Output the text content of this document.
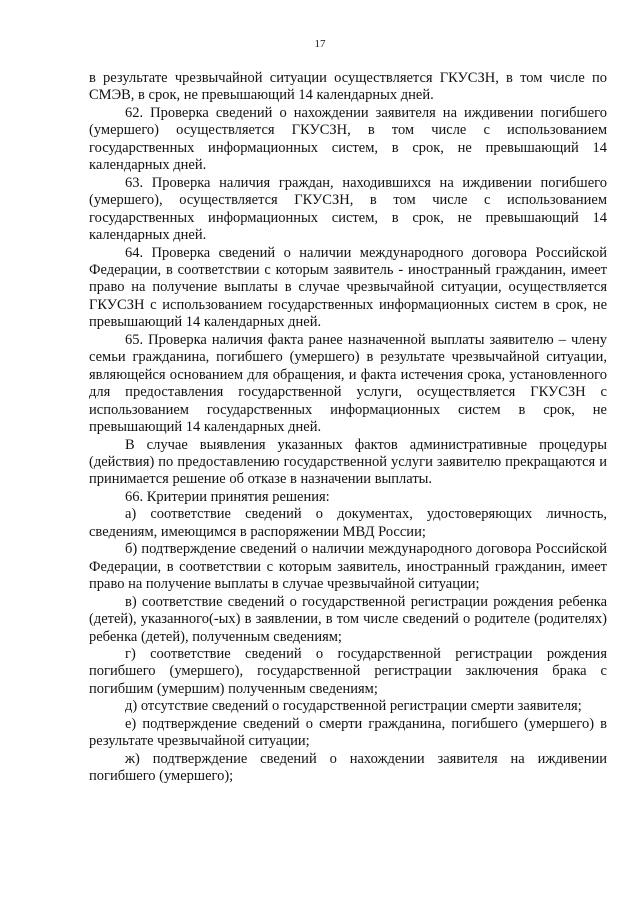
17

в результате чрезвычайной ситуации осуществляется ГКУСЗН, в том числе по СМЭВ, в срок, не превышающий 14 календарных дней.

62. Проверка сведений о нахождении заявителя на иждивении погибшего (умершего) осуществляется ГКУСЗН, в том числе с использованием государственных информационных систем, в срок, не превышающий 14 календарных дней.

63. Проверка наличия граждан, находившихся на иждивении погибшего (умершего), осуществляется ГКУСЗН, в том числе с использованием государственных информационных систем, в срок, не превышающий 14 календарных дней.

64. Проверка сведений о наличии международного договора Российской Федерации, в соответствии с которым заявитель - иностранный гражданин, имеет право на получение выплаты в случае чрезвычайной ситуации, осуществляется ГКУСЗН с использованием государственных информационных систем в срок, не превышающий 14 календарных дней.

65. Проверка наличия факта ранее назначенной выплаты заявителю – члену семьи гражданина, погибшего (умершего) в результате чрезвычайной ситуации, являющейся основанием для обращения, и факта истечения срока, установленного для предоставления государственной услуги, осуществляется ГКУСЗН с использованием государственных информационных систем в срок, не превышающий 14 календарных дней.

В случае выявления указанных фактов административные процедуры (действия) по предоставлению государственной услуги заявителю прекращаются и принимается решение об отказе в назначении выплаты.

66. Критерии принятия решения:

а) соответствие сведений о документах, удостоверяющих личность, сведениям, имеющимся в распоряжении МВД России;

б) подтверждение сведений о наличии международного договора Российской Федерации, в соответствии с которым заявитель, иностранный гражданин, имеет право на получение выплаты в случае чрезвычайной ситуации;

в) соответствие сведений о государственной регистрации рождения ребенка (детей), указанного(-ых) в заявлении, в том числе сведений о родителе (родителях) ребенка (детей), полученным сведениям;

г) соответствие сведений о государственной регистрации рождения погибшего (умершего), государственной регистрации заключения брака с погибшим (умершим) полученным сведениям;

д) отсутствие сведений о государственной регистрации смерти заявителя;

е) подтверждение сведений о смерти гражданина, погибшего (умершего) в результате чрезвычайной ситуации;

ж) подтверждение сведений о нахождении заявителя на иждивении погибшего (умершего);
